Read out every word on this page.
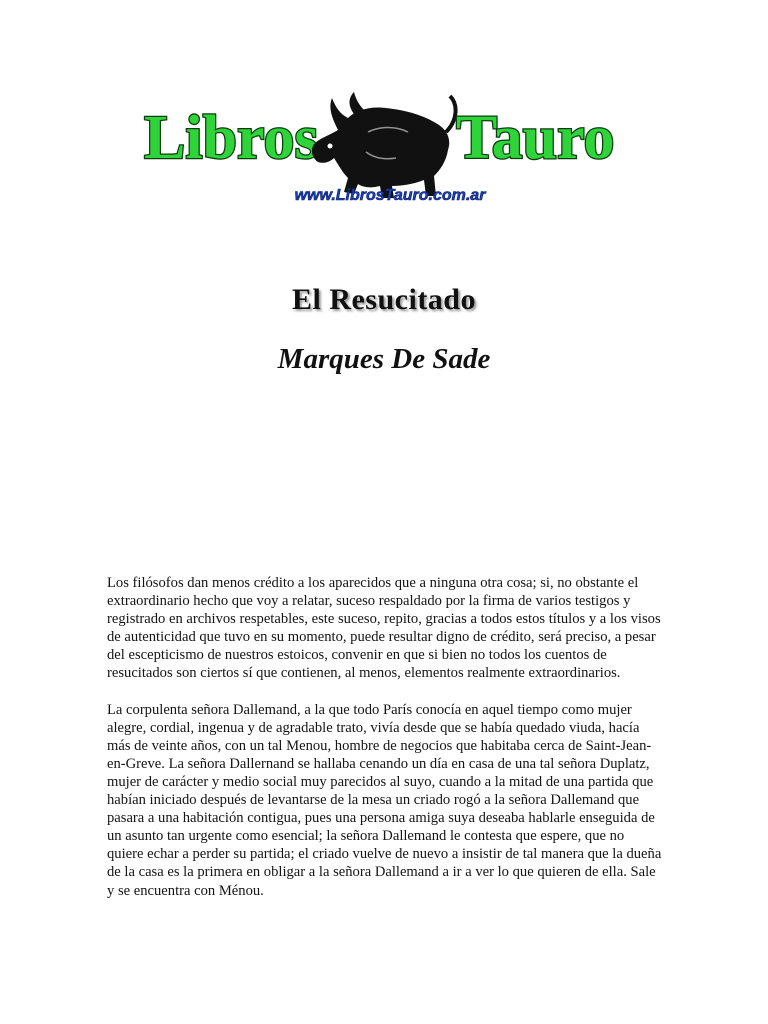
Libros Tauro
www.LibrosTauro.com.ar
El Resucitado
Marques De Sade

Los filósofos dan menos crédito a los aparecidos que a ninguna otra cosa; si, no obstante el extraordinario hecho que voy a relatar, suceso respaldado por la firma de varios testigos y registrado en archivos respetables, este suceso, repito, gracias a todos estos títulos y a los visos de autenticidad que tuvo en su momento, puede resultar digno de crédito, será preciso, a pesar del escepticismo de nuestros estoicos, convenir en que si bien no todos los cuentos de resucitados son ciertos sí que contienen, al menos, elementos realmente extraordinarios.

La corpulenta señora Dallemand, a la que todo París conocía en aquel tiempo como mujer alegre, cordial, ingenua y de agradable trato, vivía desde que se había quedado viuda, hacía más de veinte años, con un tal Menou, hombre de negocios que habitaba cerca de Saint-Jean-en-Greve. La señora Dallernand se hallaba cenando un día en casa de una tal señora Duplatz, mujer de carácter y medio social muy parecidos al suyo, cuando a la mitad de una partida que habían iniciado después de levantarse de la mesa un criado rogó a la señora Dallemand que pasara a una habitación contigua, pues una persona amiga suya deseaba hablarle enseguida de un asunto tan urgente como esencial; la señora Dallemand le contesta que espere, que no quiere echar a perder su partida; el criado vuelve de nuevo a insistir de tal manera que la dueña de la casa es la primera en obligar a la señora Dallemand a ir a ver lo que quieren de ella. Sale y se encuentra con Ménou.
